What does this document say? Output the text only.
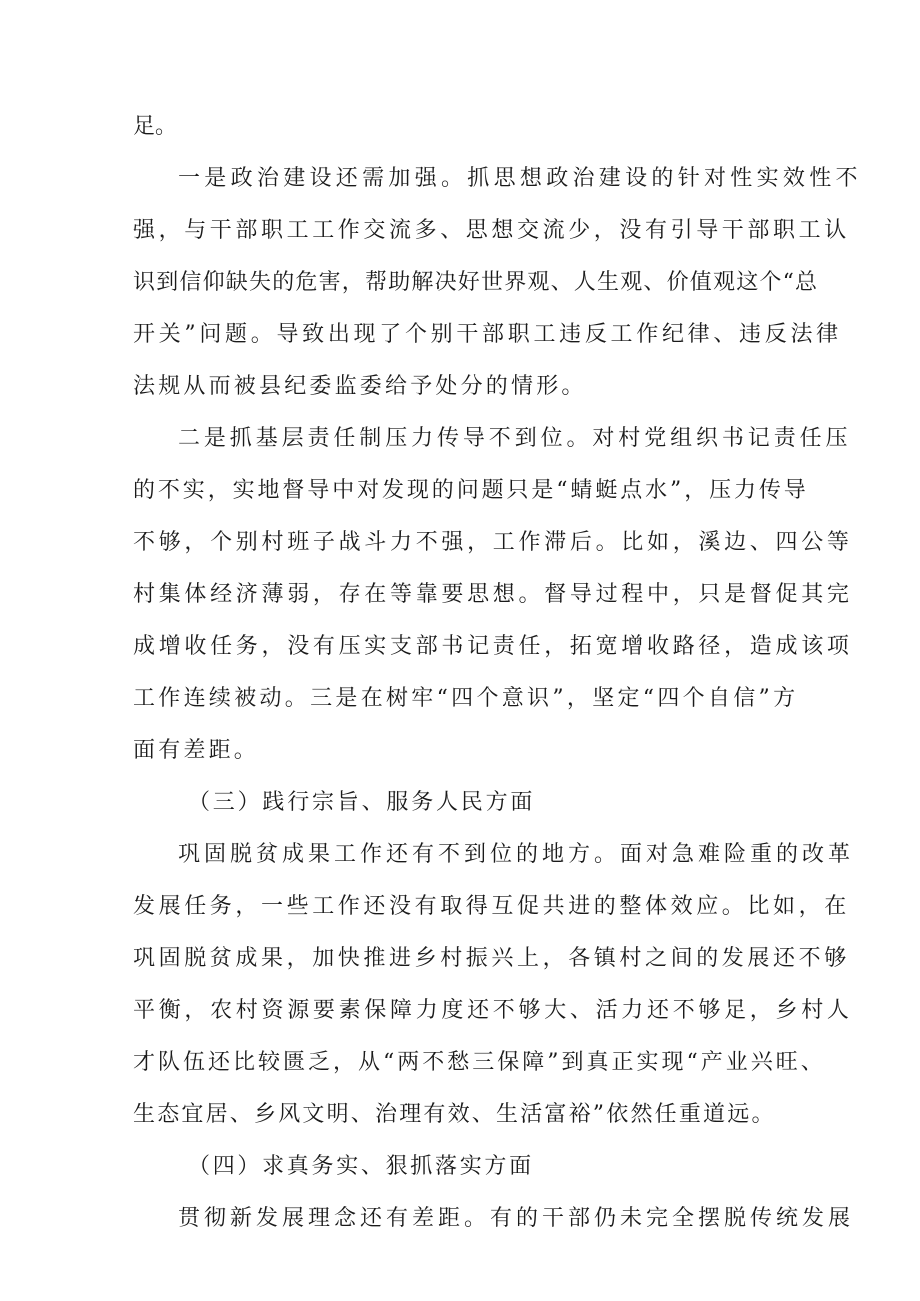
足。

一是政治建设还需加强。抓思想政治建设的针对性实效性不

强，与干部职工工作交流多、思想交流少，没有引导干部职工认

识到信仰缺失的危害，帮助解决好世界观、人生观、价值观这个“总

开关”问题。导致出现了个别干部职工违反工作纪律、违反法律

法规从而被县纪委监委给予处分的情形。

二是抓基层责任制压力传导不到位。对村党组织书记责任压

的不实，实地督导中对发现的问题只是“蜻蜓点水”，压力传导

不够，个别村班子战斗力不强，工作滞后。比如，溪边、四公等

村集体经济薄弱，存在等靠要思想。督导过程中，只是督促其完

成增收任务，没有压实支部书记责任，拓宽增收路径，造成该项

工作连续被动。三是在树牢“四个意识”，坚定“四个自信”方

面有差距。

（三）践行宗旨、服务人民方面

巩固脱贫成果工作还有不到位的地方。面对急难险重的改革

发展任务，一些工作还没有取得互促共进的整体效应。比如，在

巩固脱贫成果，加快推进乡村振兴上，各镇村之间的发展还不够

平衡，农村资源要素保障力度还不够大、活力还不够足，乡村人

才队伍还比较匮乏，从“两不愁三保障”到真正实现“产业兴旺、

生态宜居、乡风文明、治理有效、生活富裕”依然任重道远。

（四）求真务实、狠抓落实方面

贯彻新发展理念还有差距。有的干部仍未完全摆脱传统发展
